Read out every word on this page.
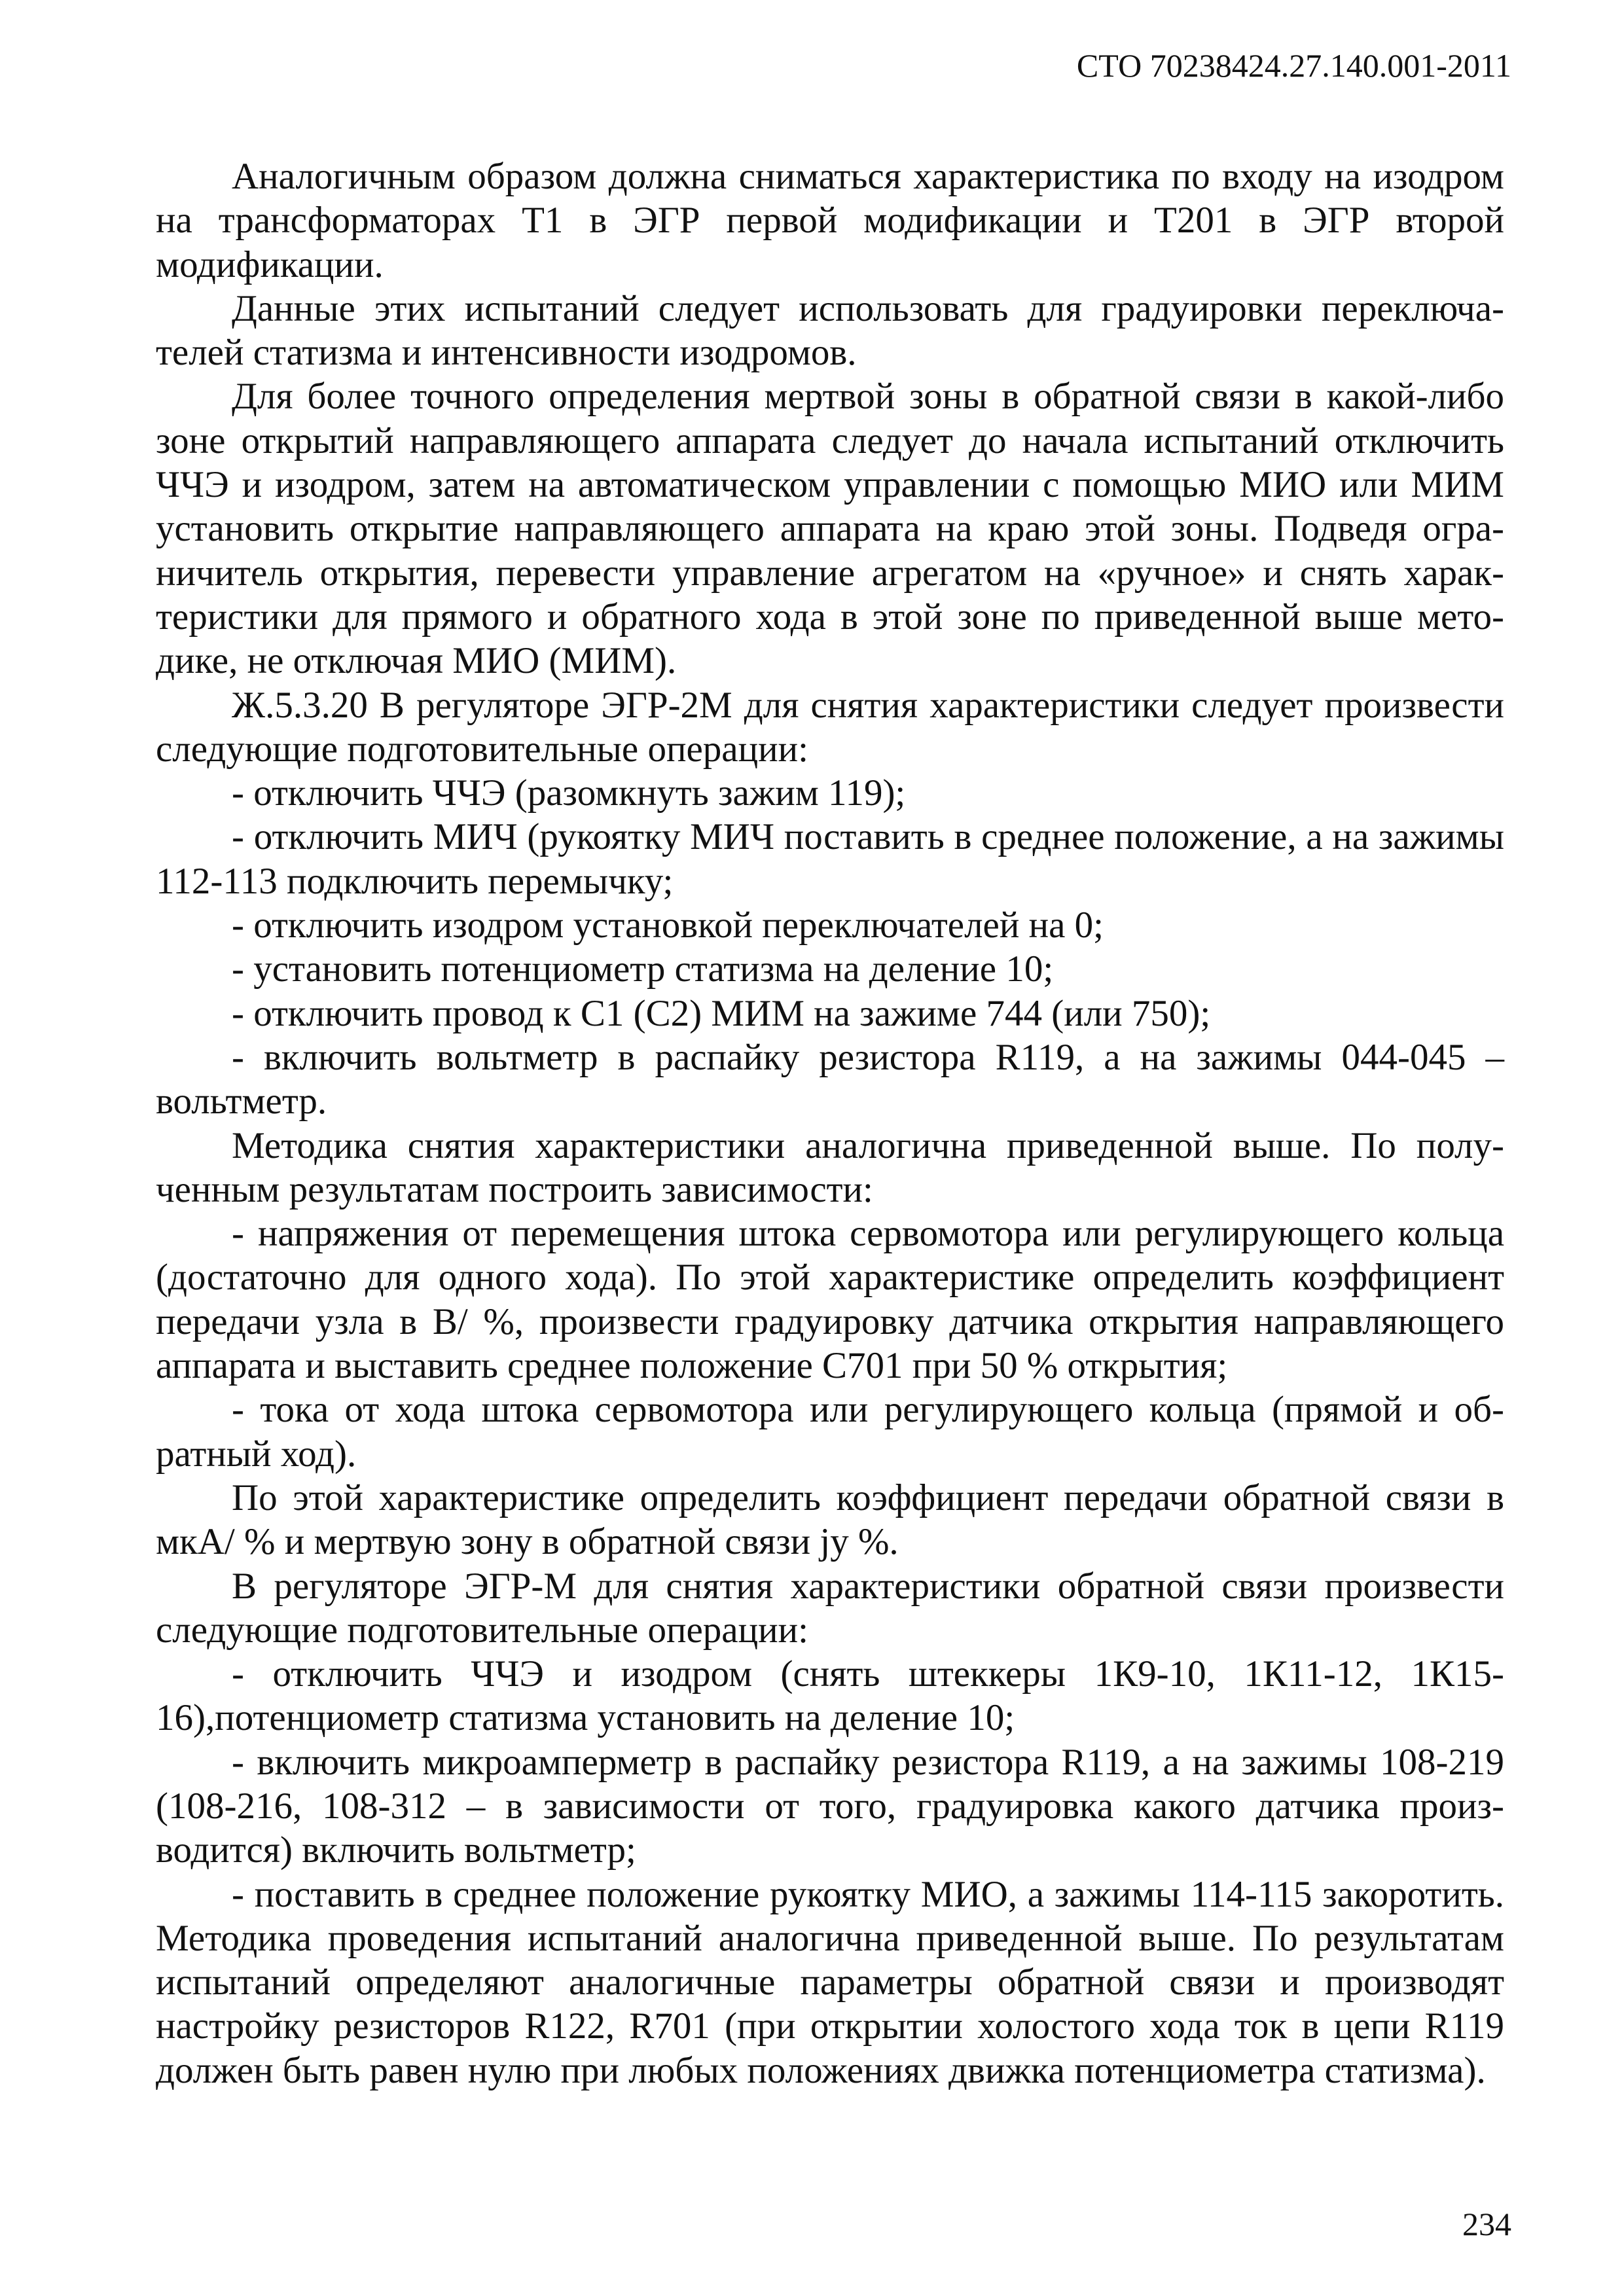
СТО 70238424.27.140.001-2011

Аналогичным образом должна сниматься характеристика по входу на изодром на трансформаторах Т1 в ЭГР первой модификации и Т201 в ЭГР второй модификации.

Данные этих испытаний следует использовать для градуировки переключателей статизма и интенсивности изодромов.

Для более точного определения мертвой зоны в обратной связи в какой-либо зоне открытий направляющего аппарата следует до начала испытаний отключить ЧЧЭ и изодром, затем на автоматическом управлении с помощью МИО или МИМ установить открытие направляющего аппарата на краю этой зоны. Подведя ограничитель открытия, перевести управление агрегатом на «ручное» и снять характеристики для прямого и обратного хода в этой зоне по приведенной выше методике, не отключая МИО (МИМ).

Ж.5.3.20 В регуляторе ЭГР-2М для снятия характеристики следует произвести следующие подготовительные операции:

- отключить ЧЧЭ (разомкнуть зажим 119);

- отключить МИЧ (рукоятку МИЧ поставить в среднее положение, а на зажимы 112-113 подключить перемычку;

- отключить изодром установкой переключателей на 0;

- установить потенциометр статизма на деление 10;

- отключить провод к С1 (С2) МИМ на зажиме 744 (или 750);

- включить вольтметр в распайку резистора R119, а на зажимы 044-045 – вольтметр.

Методика снятия характеристики аналогична приведенной выше. По полученным результатам построить зависимости:

- напряжения от перемещения штока сервомотора или регулирующего кольца (достаточно для одного хода). По этой характеристике определить коэффициент передачи узла в В/ %, произвести градуировку датчика открытия направляющего аппарата и выставить среднее положение С701 при 50 % открытия;

- тока от хода штока сервомотора или регулирующего кольца (прямой и обратный ход).

По этой характеристике определить коэффициент передачи обратной связи в мкА/ % и мертвую зону в обратной связи jу %.

В регуляторе ЭГР-М для снятия характеристики обратной связи произвести следующие подготовительные операции:

- отключить ЧЧЭ и изодром (снять штеккеры 1К9-10, 1К11-12, 1К15-16),потенциометр статизма установить на деление 10;

- включить микроамперметр в распайку резистора R119, а на зажимы 108-219 (108-216, 108-312 – в зависимости от того, градуировка какого датчика производится) включить вольтметр;

- поставить в среднее положение рукоятку МИО, а зажимы 114-115 закоротить. Методика проведения испытаний аналогична приведенной выше. По результатам испытаний определяют аналогичные параметры обратной связи и производят настройку резисторов R122, R701 (при открытии холостого хода ток в цепи R119 должен быть равен нулю при любых положениях движка потенциометра статизма).

234
